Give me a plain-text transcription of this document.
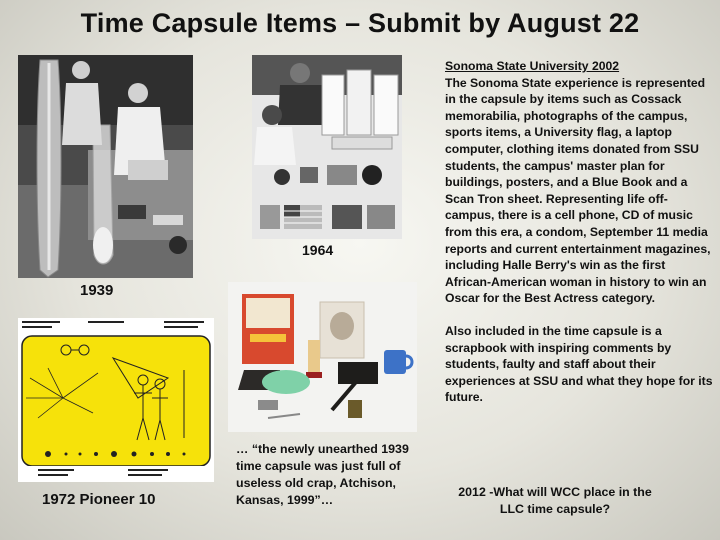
Time Capsule Items – Submit by August 22
1939
1964
1972 Pioneer 10
… “the newly unearthed 1939 time capsule was just full of useless old crap, Atchison, Kansas, 1999”…

Sonoma State University 2002
The Sonoma State experience is represented in the capsule by items such as Cossack memorabilia, photographs of the campus, sports items, a University flag, a laptop computer, clothing items donated from SSU students, the campus' master plan for buildings, posters, and a Blue Book and a Scan Tron sheet. Representing life off-campus, there is a cell phone, CD of music from this era, a condom, September 11 media reports and current entertainment magazines, including Halle Berry's win as the first African-American woman in history to win an Oscar for the Best Actress category.

Also included in the time capsule is a scrapbook with inspiring comments by students, faulty and staff about their experiences at SSU and what they hope for its future.

2012 -What will WCC place in the LLC time capsule?
